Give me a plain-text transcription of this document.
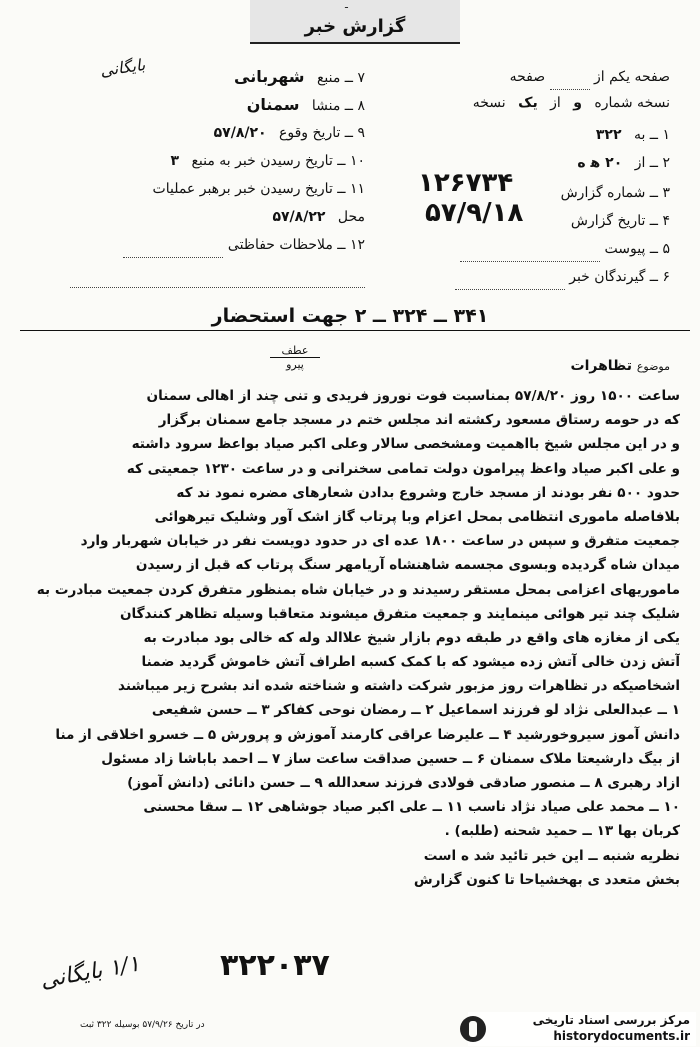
ـ
گزارش خبر
بایگانی	صفحه یکم از  صفحه
نسخه شماره و از یک نسخه
۱ ــ به ۳۲۲
۲ ــ از ۲۰ ه‍ ه
۳ ــ شماره گزارش
۴ ــ تاریخ گزارش
۵ ــ پیوست
۶ ــ گیرندگان خبر
۱۲۶۷۳۴
۵۷/۹/۱۸
۷ ــ منبع شهربانی
۸ ــ منشا سمنان
۹ ــ تاریخ وقوع ۵۷/۸/۲۰
۱۰ ــ تاریخ رسیدن خبر به منبع ۳
۱۱ ــ تاریخ رسیدن خبر برهبر عملیات
محل ۵۷/۸/۲۲
۱۲ ــ ملاحظات حفاظتی
۳۴۱ ــ ۳۲۴ ــ ۲ جهت استحضار
عطف
پیرو	موضوع تظاهرات
ساعت ۱۵۰۰ روز ۵۷/۸/۲۰ بمناسبت فوت نوروز فریدی و تنی چند از اهالی سمنان
که در حومه رستاق مسعود رکشته اند مجلس ختم در مسجد جامع سمنان برگزار
و در این مجلس شیخ بااهمیت ومشخصی سالار وعلی اکبر صیاد بواعظ سرود داشته
و علی اکبر صیاد واعظ پیرامون دولت تمامی سخنرانی و در ساعت ۱۲۳۰ جمعیتی که
حدود ۵۰۰ نفر بودند از مسجد خارج وشروع بدادن شعارهای مضره نمود ند که
بلافاصله ماموری انتظامی بمحل اعزام وبا پرتاب گاز اشک آور وشلیک تیرهوائی
جمعیت متفرق و سپس در ساعت ۱۸۰۰ عده ای در حدود دویست نفر در خیابان شهربار وارد
میدان شاه گردیده وبسوی مجسمه شاهنشاه آریامهر سنگ پرتاب که قبل از رسیدن
ماموریهای اعزامی بمحل مستقر رسیدند و در خیابان شاه بمنظور متفرق کردن جمعیت مبادرت به
شلیک چند تیر هوائی مینمایند و جمعیت متفرق میشوند متعاقبا وسیله تظاهر کنندگان
یکی از مغازه های واقع در طبقه دوم بازار شیخ علاالد وله که خالی بود مبادرت به
آتش زدن خالی آتش زده میشود که با کمک کسبه اطراف آتش خاموش گردید ضمنا
اشخاصیکه در تظاهرات روز مزبور شرکت داشته و شناخته شده اند بشرح زیر میباشند
۱ ــ عبدالعلی نژاد لو فرزند اسماعیل ۲ ــ رمضان نوحی کفاکر ۳ ــ حسن شفیعی
دانش آموز سیروخورشید ۴ ــ علیرضا عراقی کارمند آموزش و پرورش ۵ ــ خسرو اخلاقی از منا
از بیگ دارشیعتا ملاک سمنان ۶ ــ حسین صداقت ساعت ساز ۷ ــ احمد باباشا زاد مسئول
ازاد رهبری ۸ ــ منصور صادقی فولادی فرزند سعدالله ۹ ــ حسن دانائی (دانش آموز)
۱۰ ــ محمد علی صیاد نژاد ناسب ۱۱ ــ علی اکبر صیاد جوشاهی ۱۲ ــ سقا محسنی
کربان بها ۱۳ ــ حمید شحنه (طلبه) .
نظریه شنبه ــ این خبر تائید شد ه است
بخش متعدد ی بهخشیاحا تا کنون گزارش
۱/۱ بایگانی	۳۲۲۰۳۷
در تاریخ ۵۷/۹/۲۶ بوسیله ۳۲۲ ثبت	مرکز بررسی اسناد تاریخی
historydocuments.ir
